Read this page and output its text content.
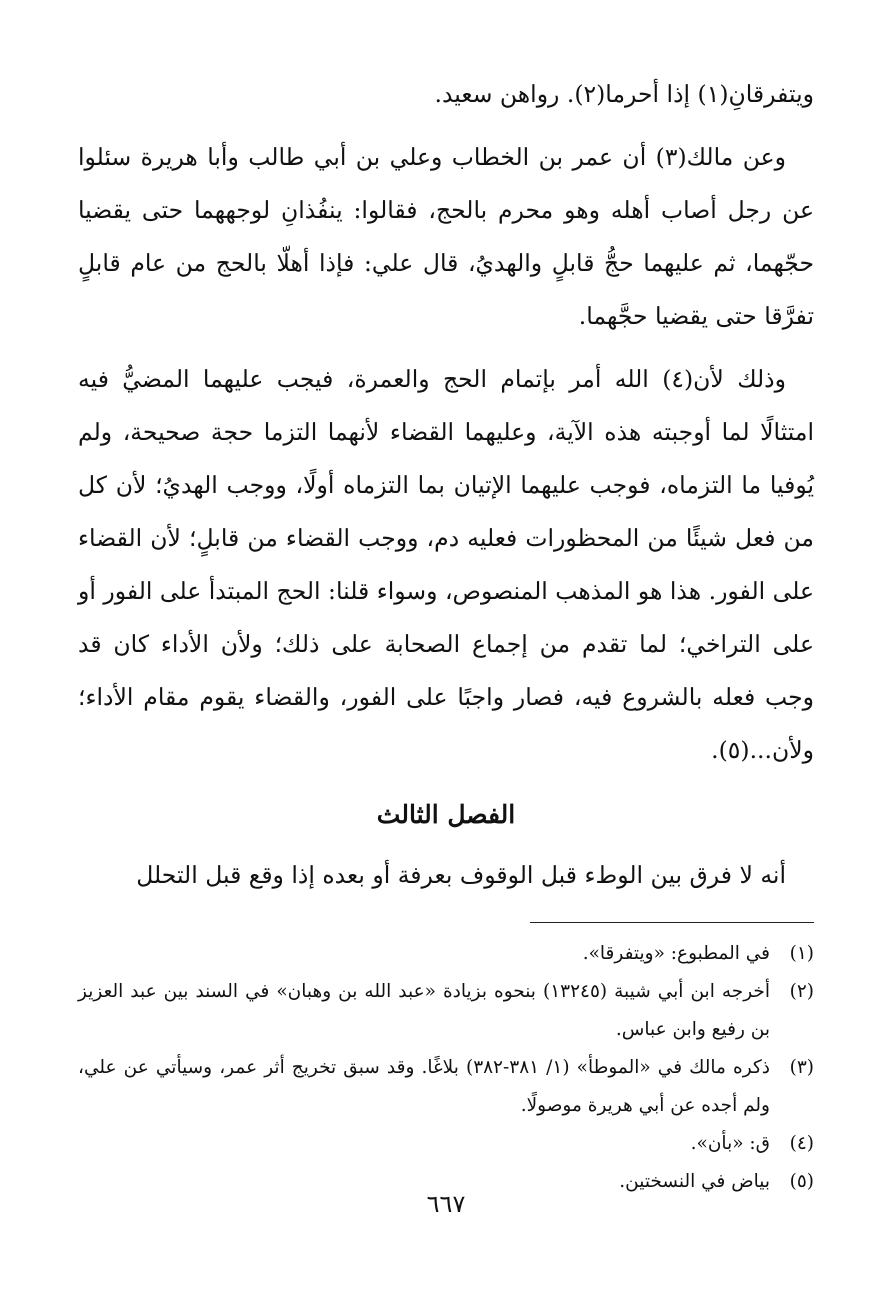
ويتفرقانِ(١) إذا أحرما(٢). رواهن سعيد.

وعن مالك(٣) أن عمر بن الخطاب وعلي بن أبي طالب وأبا هريرة سئلوا عن رجل أصاب أهله وهو محرم بالحج، فقالوا: ينفُذانِ لوجههما حتى يقضيا حجّهما، ثم عليهما حجُّ قابلٍ والهديُ، قال علي: فإذا أهلّا بالحج من عام قابلٍ تفرَّقا حتى يقضيا حجَّهما.

وذلك لأن(٤) الله أمر بإتمام الحج والعمرة، فيجب عليهما المضيُّ فيه امتثالًا لما أوجبته هذه الآية، وعليهما القضاء لأنهما التزما حجة صحيحة، ولم يُوفيا ما التزماه، فوجب عليهما الإتيان بما التزماه أولًا، ووجب الهديُ؛ لأن كل من فعل شيئًا من المحظورات فعليه دم، ووجب القضاء من قابلٍ؛ لأن القضاء على الفور. هذا هو المذهب المنصوص، وسواء قلنا: الحج المبتدأ على الفور أو على التراخي؛ لما تقدم من إجماع الصحابة على ذلك؛ ولأن الأداء كان قد وجب فعله بالشروع فيه، فصار واجبًا على الفور، والقضاء يقوم مقام الأداء؛ ولأن...(٥).

الفصل الثالث

أنه لا فرق بين الوطء قبل الوقوف بعرفة أو بعده إذا وقع قبل التحلل

(١)
في المطبوع: «ويتفرقا».
(٢)
أخرجه ابن أبي شيبة (١٣٢٤٥) بنحوه بزيادة «عبد الله بن وهبان» في السند بين عبد العزيز بن رفيع وابن عباس.
(٣)
ذكره مالك في «الموطأ» (١/ ٣٨١-٣٨٢) بلاغًا. وقد سبق تخريج أثر عمر، وسيأتي عن علي، ولم أجده عن أبي هريرة موصولًا.
(٤)
ق: «بأن».
(٥)
بياض في النسختين.
٦٦٧
